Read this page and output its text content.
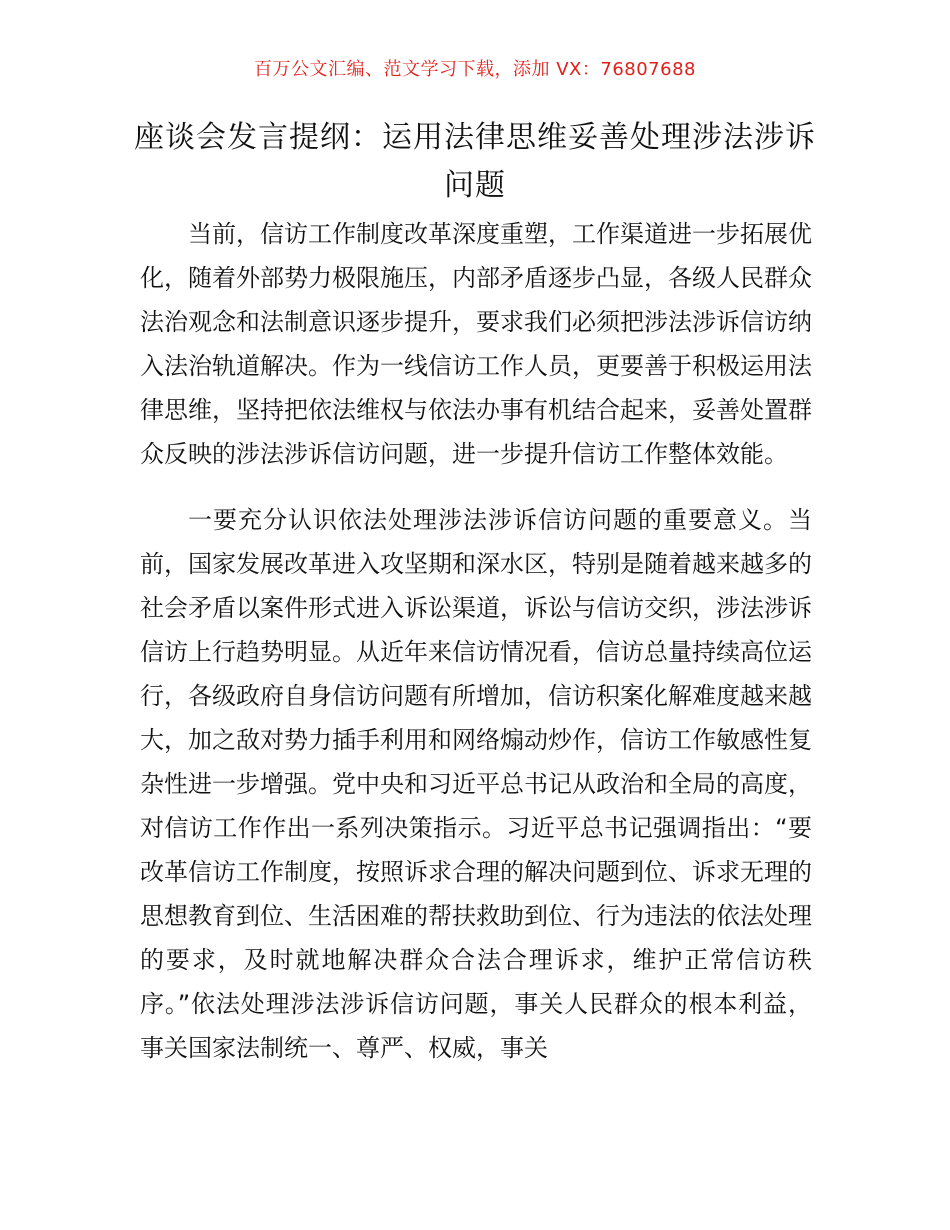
百万公文汇编、范文学习下载，添加 VX：76807688
座谈会发言提纲：运用法律思维妥善处理涉法涉诉问题

当前，信访工作制度改革深度重塑，工作渠道进一步拓展优化，随着外部势力极限施压，内部矛盾逐步凸显，各级人民群众法治观念和法制意识逐步提升，要求我们必须把涉法涉诉信访纳入法治轨道解决。作为一线信访工作人员，更要善于积极运用法律思维，坚持把依法维权与依法办事有机结合起来，妥善处置群众反映的涉法涉诉信访问题，进一步提升信访工作整体效能。

一要充分认识依法处理涉法涉诉信访问题的重要意义。当前，国家发展改革进入攻坚期和深水区，特别是随着越来越多的社会矛盾以案件形式进入诉讼渠道，诉讼与信访交织，涉法涉诉信访上行趋势明显。从近年来信访情况看，信访总量持续高位运行，各级政府自身信访问题有所增加，信访积案化解难度越来越大，加之敌对势力插手利用和网络煽动炒作，信访工作敏感性复杂性进一步增强。党中央和习近平总书记从政治和全局的高度，对信访工作作出一系列决策指示。习近平总书记强调指出：“要改革信访工作制度，按照诉求合理的解决问题到位、诉求无理的思想教育到位、生活困难的帮扶救助到位、行为违法的依法处理的要求，及时就地解决群众合法合理诉求，维护正常信访秩序。”依法处理涉法涉诉信访问题，事关人民群众的根本利益，事关国家法制统一、尊严、权威，事关
